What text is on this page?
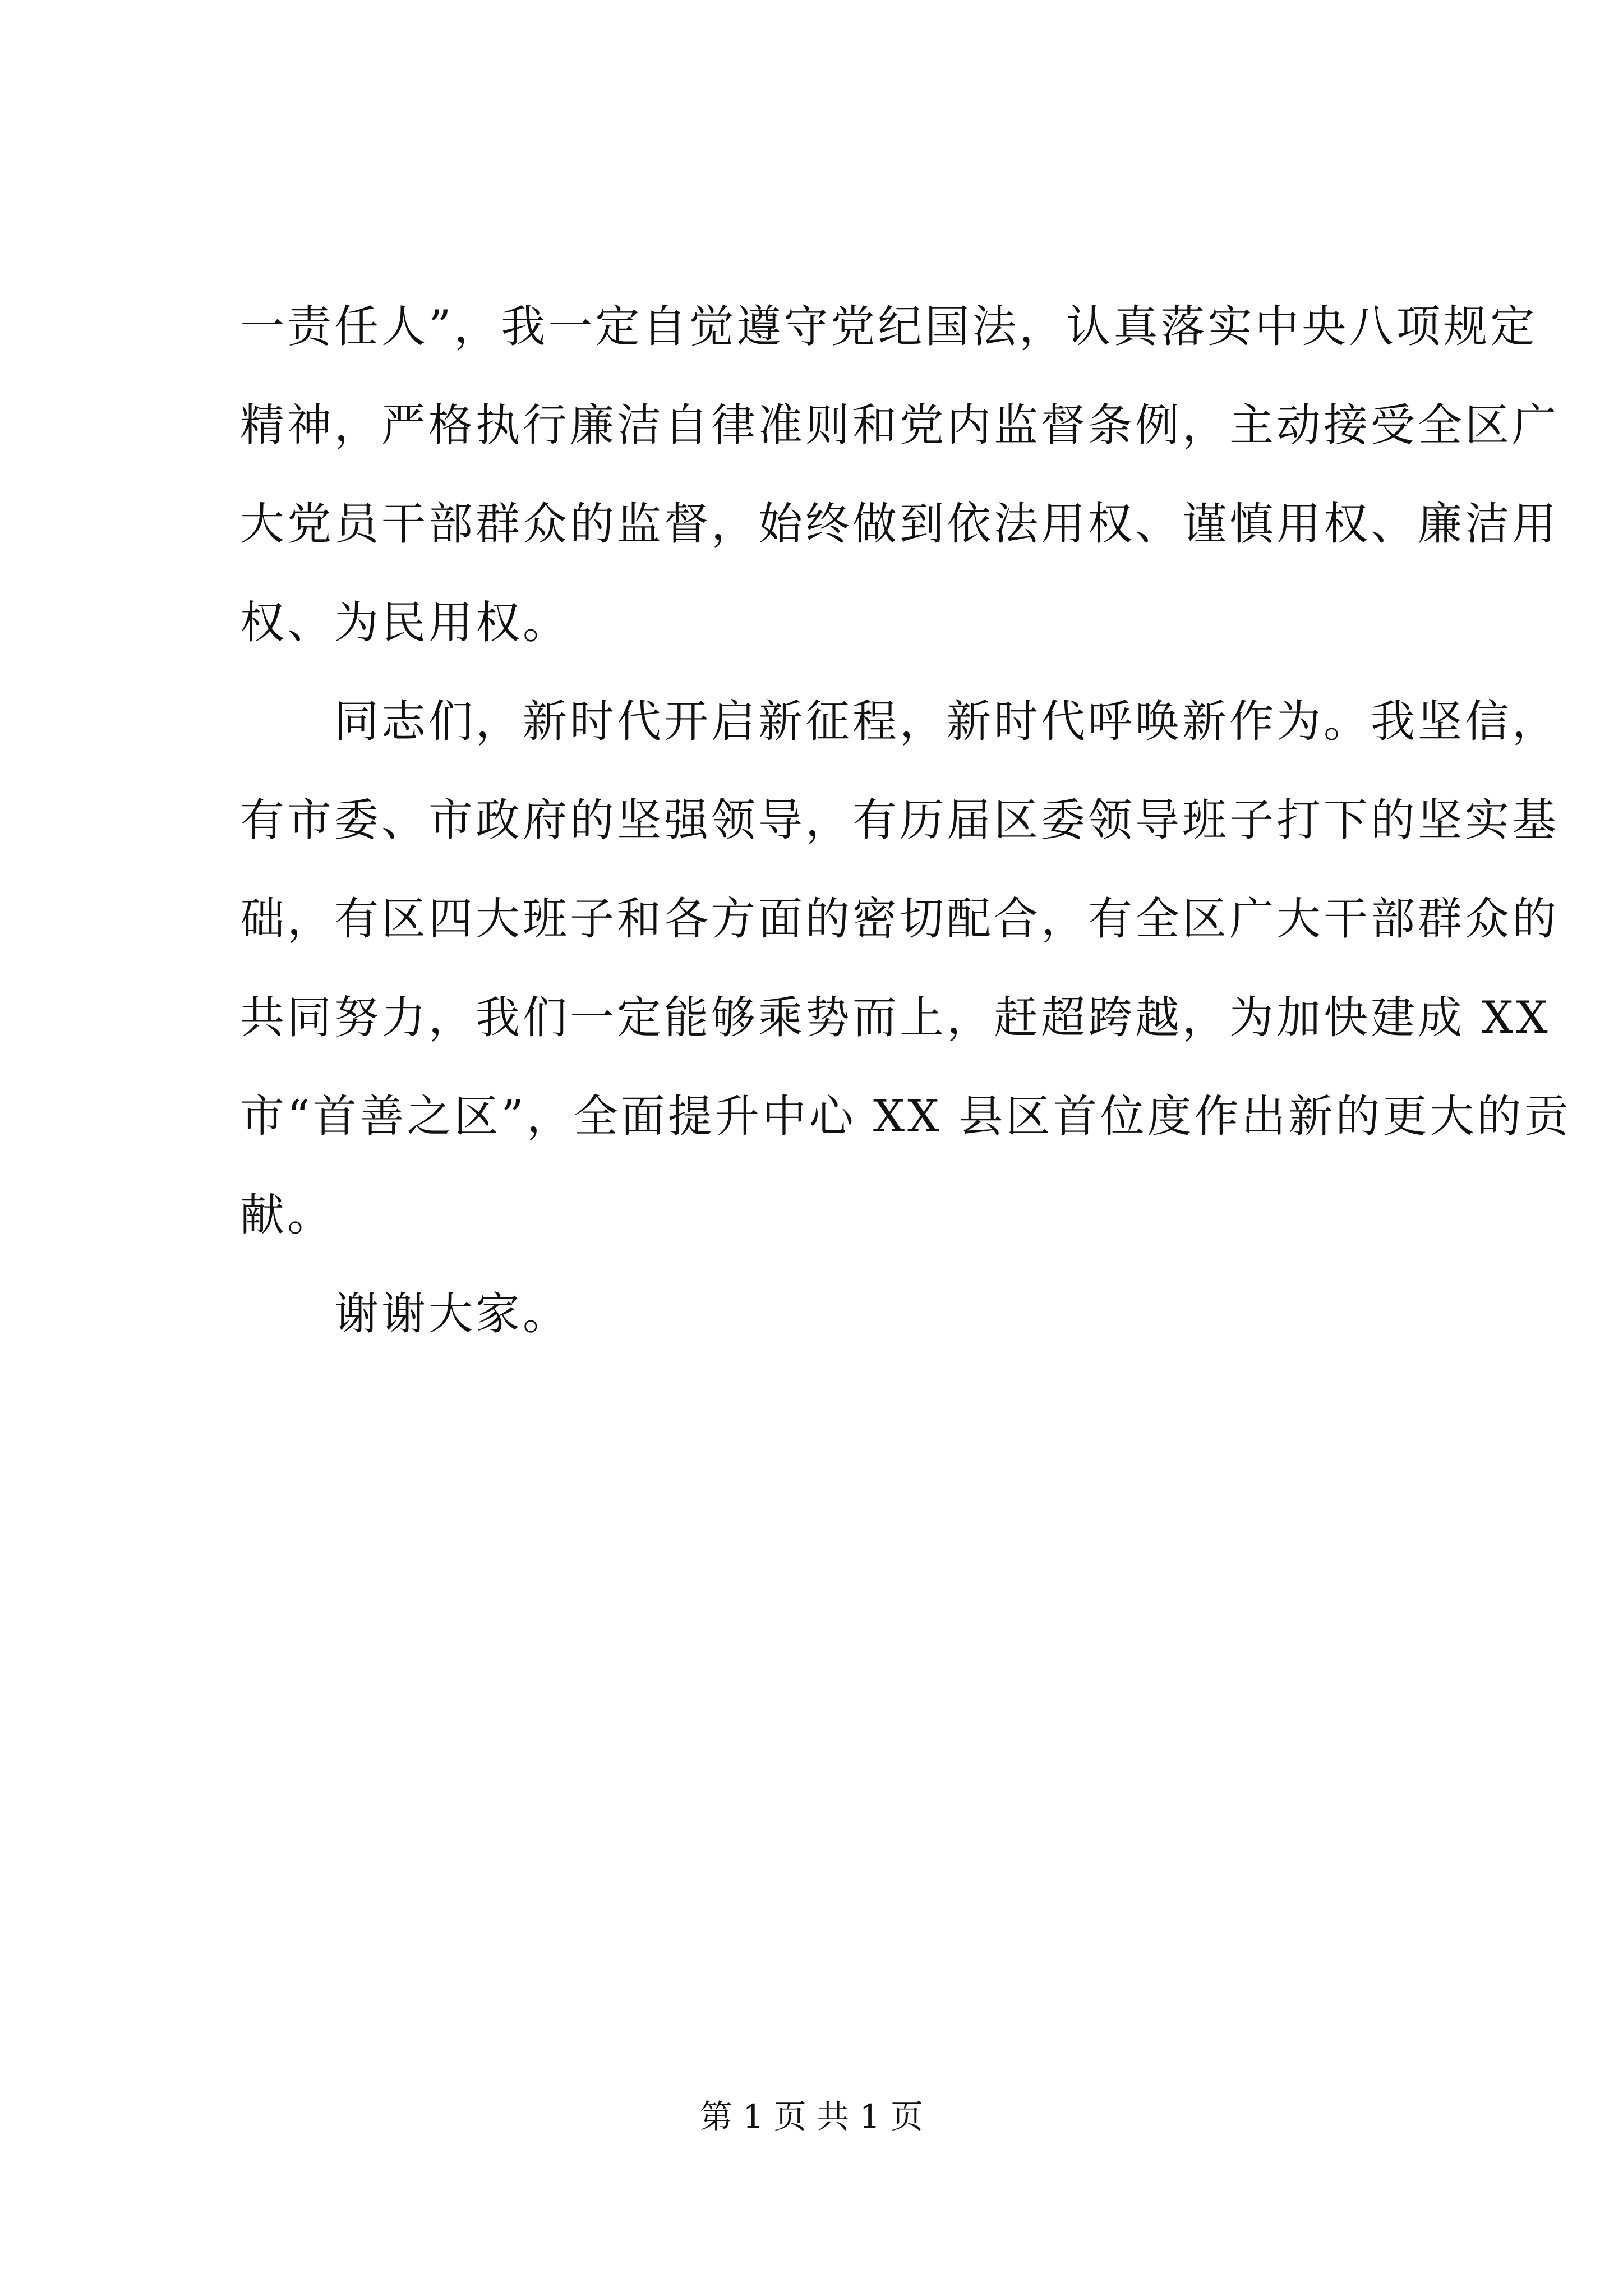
一责任人”，我一定自觉遵守党纪国法，认真落实中央八项规定
精神，严格执行廉洁自律准则和党内监督条例，主动接受全区广
大党员干部群众的监督，始终做到依法用权、谨慎用权、廉洁用
权、为民用权。
同志们，新时代开启新征程，新时代呼唤新作为。我坚信，
有市委、市政府的坚强领导，有历届区委领导班子打下的坚实基
础，有区四大班子和各方面的密切配合，有全区广大干部群众的
共同努力，我们一定能够乘势而上，赶超跨越，为加快建成 XX
市“首善之区”，全面提升中心 XX 县区首位度作出新的更大的贡
献。
谢谢大家。
第 1 页 共 1 页
